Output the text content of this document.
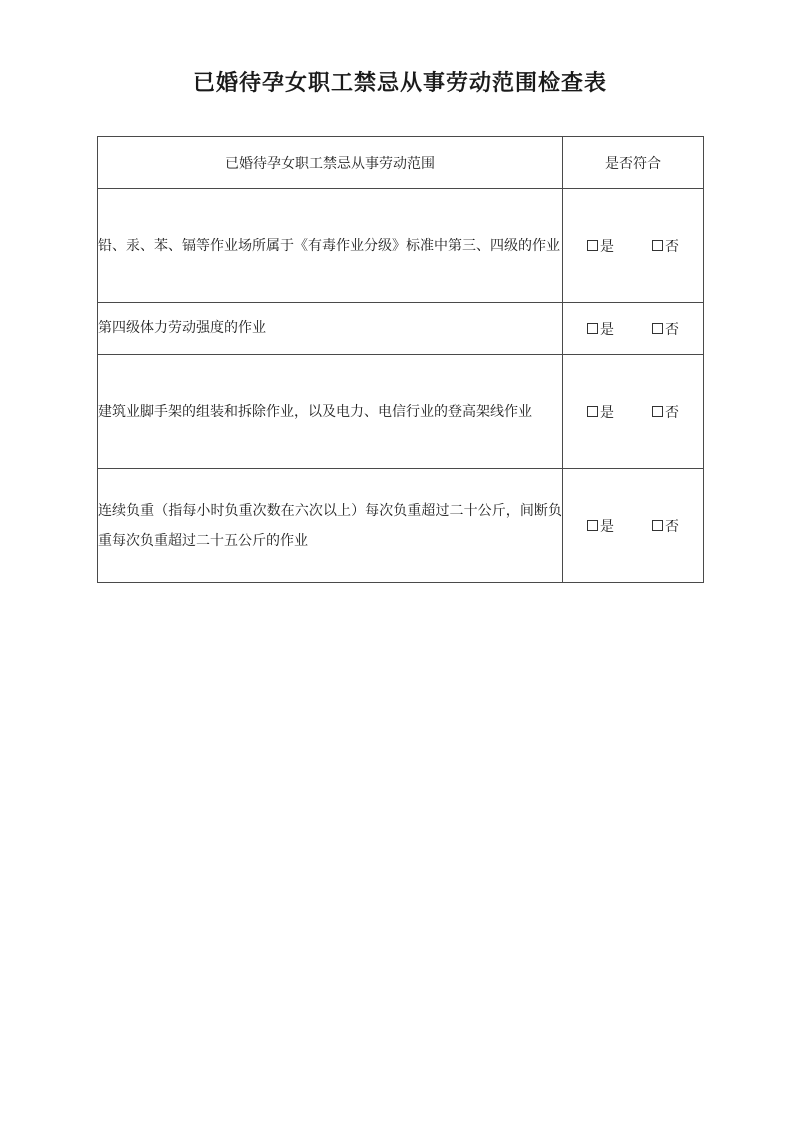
已婚待孕女职工禁忌从事劳动范围检查表
已婚待孕女职工禁忌从事劳动范围	是否符合
铅、汞、苯、镉等作业场所属于《有毒作业分级》标准中第三、四级的作业	是 否

第四级体力劳动强度的作业	是 否

建筑业脚手架的组装和拆除作业，以及电力、电信行业的登高架线作业	是 否

连续负重（指每小时负重次数在六次以上）每次负重超过二十公斤，间断负重每次负重超过二十五公斤的作业	是 否
